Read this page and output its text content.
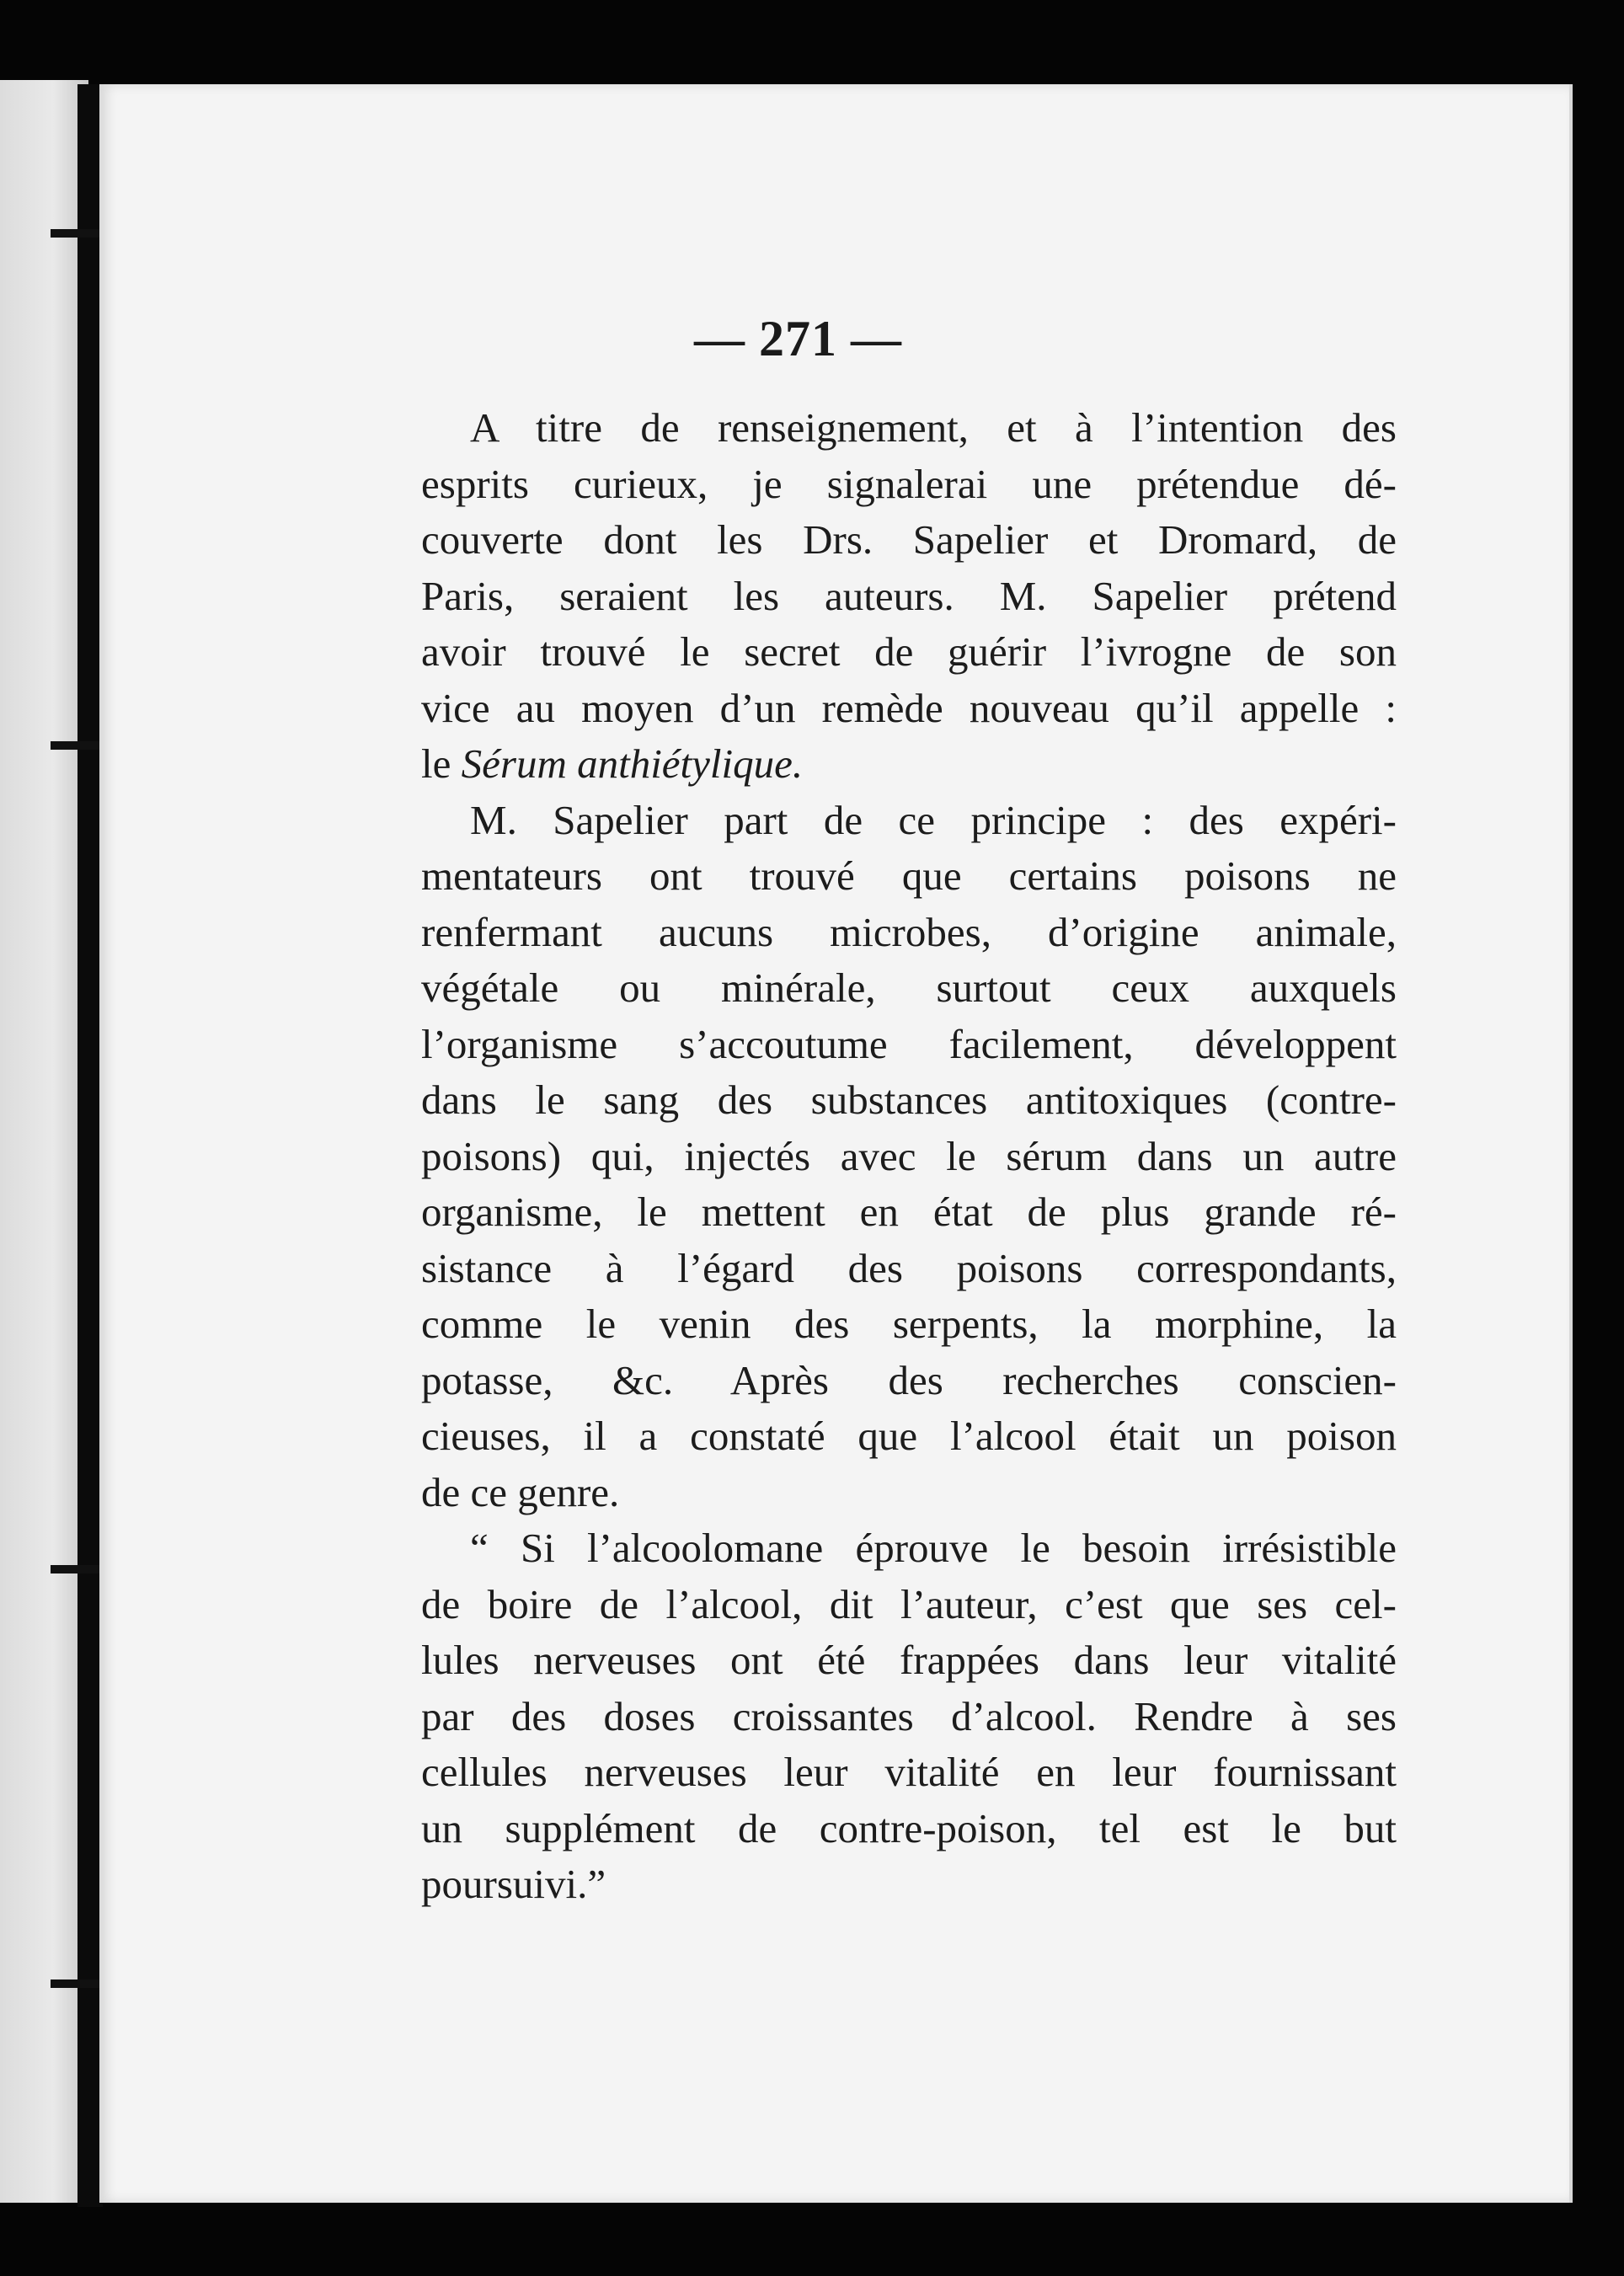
— 271 —
A titre de renseignement, et à l’intention des
esprits curieux, je signalerai une prétendue dé-
couverte dont les Drs. Sapelier et Dromard, de
Paris, seraient les auteurs. M. Sapelier prétend
avoir trouvé le secret de guérir l’ivrogne de son
vice au moyen d’un remède nouveau qu’il appelle :
le Sérum anthiétylique.
M. Sapelier part de ce principe : des expéri-
mentateurs ont trouvé que certains poisons ne
renfermant aucuns microbes, d’origine animale,
végétale ou minérale, surtout ceux auxquels
l’organisme s’accoutume facilement, développent
dans le sang des substances antitoxiques (contre-
poisons) qui, injectés avec le sérum dans un autre
organisme, le mettent en état de plus grande ré-
sistance à l’égard des poisons correspondants,
comme le venin des serpents, la morphine, la
potasse, &c. Après des recherches conscien-
cieuses, il a constaté que l’alcool était un poison
de ce genre.
“ Si l’alcoolomane éprouve le besoin irrésistible
de boire de l’alcool, dit l’auteur, c’est que ses cel-
lules nerveuses ont été frappées dans leur vitalité
par des doses croissantes d’alcool. Rendre à ses
cellules nerveuses leur vitalité en leur fournissant
un supplément de contre-poison, tel est le but
poursuivi.”
